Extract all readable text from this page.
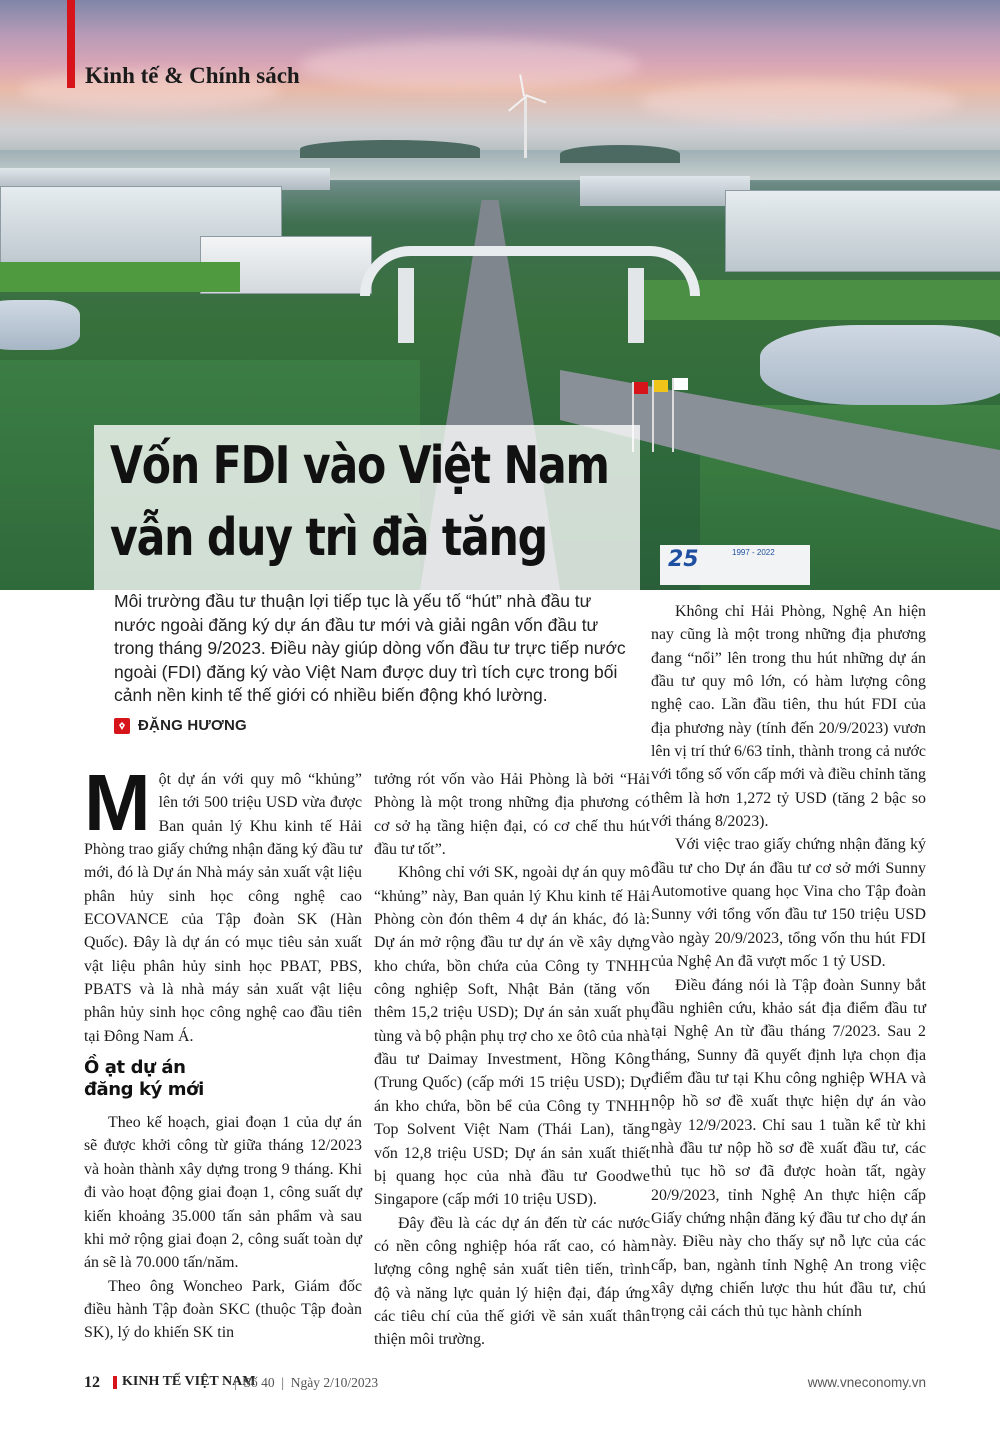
25	1997 - 2022
Kinh tế & Chính sách
Vốn FDI vào Việt Nam
vẫn duy trì đà tăng
Môi trường đầu tư thuận lợi tiếp tục là yếu tố “hút” nhà đầu tư nước ngoài đăng ký dự án đầu tư mới và giải ngân vốn đầu tư trong tháng 9/2023. Điều này giúp dòng vốn đầu tư trực tiếp nước ngoài (FDI) đăng ký vào Việt Nam được duy trì tích cực trong bối cảnh nền kinh tế thế giới có nhiều biến động khó lường.
ĐẶNG HƯƠNG

Một dự án với quy mô “khủng” lên tới 500 triệu USD vừa được Ban quản lý Khu kinh tế Hải Phòng trao giấy chứng nhận đăng ký đầu tư mới, đó là Dự án Nhà máy sản xuất vật liệu phân hủy sinh học công nghệ cao ECOVANCE của Tập đoàn SK (Hàn Quốc). Đây là dự án có mục tiêu sản xuất vật liệu phân hủy sinh học PBAT, PBS, PBATS và là nhà máy sản xuất vật liệu phân hủy sinh học công nghệ cao đầu tiên tại Đông Nam Á.

Ồ ạt dự án
đăng ký mới

Theo kế hoạch, giai đoạn 1 của dự án sẽ được khởi công từ giữa tháng 12/2023 và hoàn thành xây dựng trong 9 tháng. Khi đi vào hoạt động giai đoạn 1, công suất dự kiến khoảng 35.000 tấn sản phẩm và sau khi mở rộng giai đoạn 2, công suất toàn dự án sẽ là 70.000 tấn/năm.

Theo ông Woncheo Park, Giám đốc điều hành Tập đoàn SKC (thuộc Tập đoàn SK), lý do khiến SK tin

tưởng rót vốn vào Hải Phòng là bởi “Hải Phòng là một trong những địa phương có cơ sở hạ tầng hiện đại, có cơ chế thu hút đầu tư tốt”.

Không chỉ với SK, ngoài dự án quy mô “khủng” này, Ban quản lý Khu kinh tế Hải Phòng còn đón thêm 4 dự án khác, đó là: Dự án mở rộng đầu tư dự án về xây dựng kho chứa, bồn chứa của Công ty TNHH công nghiệp Soft, Nhật Bản (tăng vốn thêm 15,2 triệu USD); Dự án sản xuất phụ tùng và bộ phận phụ trợ cho xe ôtô của nhà đầu tư Daimay Investment, Hồng Kông (Trung Quốc) (cấp mới 15 triệu USD); Dự án kho chứa, bồn bể của Công ty TNHH Top Solvent Việt Nam (Thái Lan), tăng vốn 12,8 triệu USD; Dự án sản xuất thiết bị quang học của nhà đầu tư Goodwe Singapore (cấp mới 10 triệu USD).

Đây đều là các dự án đến từ các nước có nền công nghiệp hóa rất cao, có hàm lượng công nghệ sản xuất tiên tiến, trình độ và năng lực quản lý hiện đại, đáp ứng các tiêu chí của thế giới về sản xuất thân thiện môi trường.

Không chỉ Hải Phòng, Nghệ An hiện nay cũng là một trong những địa phương đang “nổi” lên trong thu hút những dự án đầu tư quy mô lớn, có hàm lượng công nghệ cao. Lần đầu tiên, thu hút FDI của địa phương này (tính đến 20/9/2023) vươn lên vị trí thứ 6/63 tỉnh, thành trong cả nước với tổng số vốn cấp mới và điều chỉnh tăng thêm là hơn 1,272 tỷ USD (tăng 2 bậc so với tháng 8/2023).

Với việc trao giấy chứng nhận đăng ký đầu tư cho Dự án đầu tư cơ sở mới Sunny Automotive quang học Vina cho Tập đoàn Sunny với tổng vốn đầu tư 150 triệu USD vào ngày 20/9/2023, tổng vốn thu hút FDI của Nghệ An đã vượt mốc 1 tỷ USD.

Điều đáng nói là Tập đoàn Sunny bắt đầu nghiên cứu, khảo sát địa điểm đầu tư tại Nghệ An từ đầu tháng 7/2023. Sau 2 tháng, Sunny đã quyết định lựa chọn địa điểm đầu tư tại Khu công nghiệp WHA và nộp hồ sơ đề xuất thực hiện dự án vào ngày 12/9/2023. Chỉ sau 1 tuần kể từ khi nhà đầu tư nộp hồ sơ đề xuất đầu tư, các thủ tục hồ sơ đã được hoàn tất, ngày 20/9/2023, tỉnh Nghệ An thực hiện cấp Giấy chứng nhận đăng ký đầu tư cho dự án này. Điều này cho thấy sự nỗ lực của các cấp, ban, ngành tỉnh Nghệ An trong việc xây dựng chiến lược thu hút đầu tư, chú trọng cải cách thủ tục hành chính

12 KINH TẾ VIỆT NAM
|  Số 40  |  Ngày 2/10/2023	www.vneconomy.vn
